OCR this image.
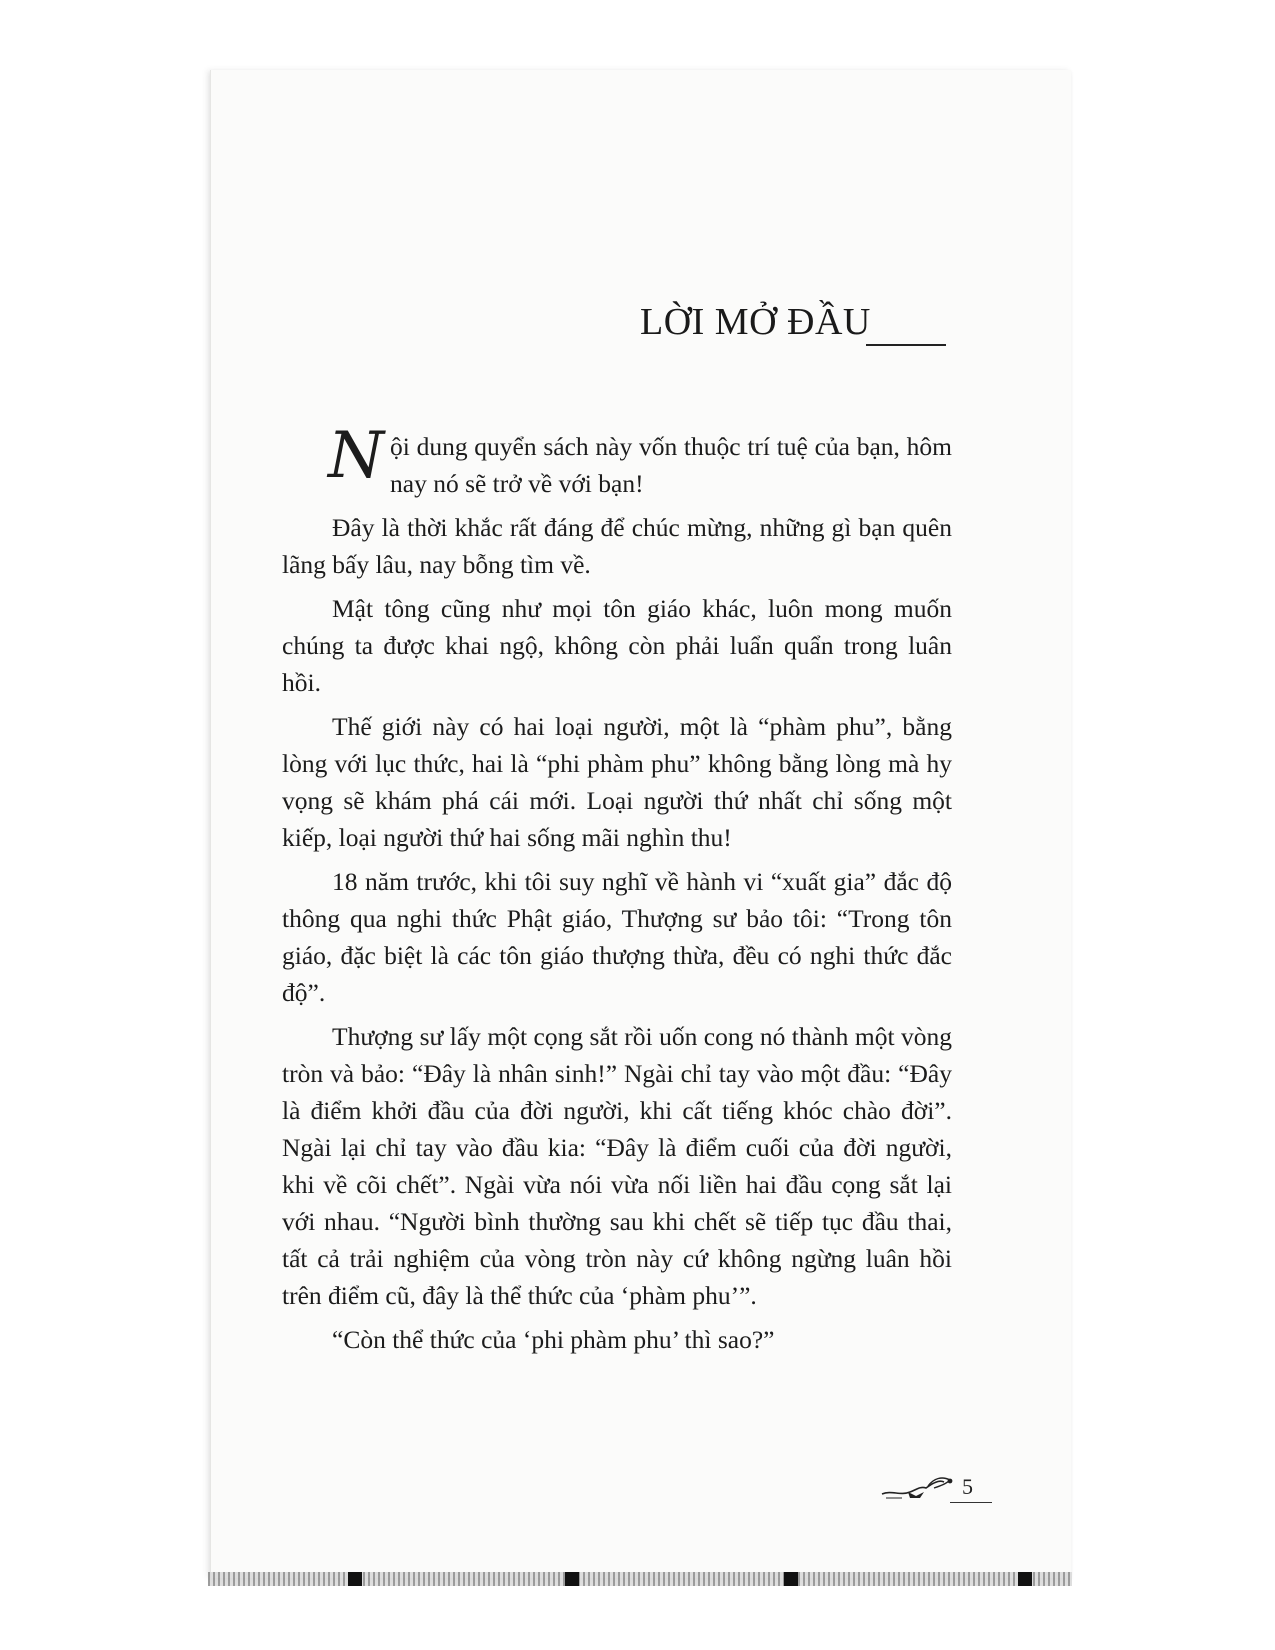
LỜI MỞ ĐẦU

Nội dung quyển sách này vốn thuộc trí tuệ của bạn, hôm nay nó sẽ trở về với bạn!

Đây là thời khắc rất đáng để chúc mừng, những gì bạn quên lãng bấy lâu, nay bỗng tìm về.

Mật tông cũng như mọi tôn giáo khác, luôn mong muốn chúng ta được khai ngộ, không còn phải luẩn quẩn trong luân hồi.

Thế giới này có hai loại người, một là “phàm phu”, bằng lòng với lục thức, hai là “phi phàm phu” không bằng lòng mà hy vọng sẽ khám phá cái mới. Loại người thứ nhất chỉ sống một kiếp, loại người thứ hai sống mãi nghìn thu!

18 năm trước, khi tôi suy nghĩ về hành vi “xuất gia” đắc độ thông qua nghi thức Phật giáo, Thượng sư bảo tôi: “Trong tôn giáo, đặc biệt là các tôn giáo thượng thừa, đều có nghi thức đắc độ”.

Thượng sư lấy một cọng sắt rồi uốn cong nó thành một vòng tròn và bảo: “Đây là nhân sinh!” Ngài chỉ tay vào một đầu: “Đây là điểm khởi đầu của đời người, khi cất tiếng khóc chào đời”. Ngài lại chỉ tay vào đầu kia: “Đây là điểm cuối của đời người, khi về cõi chết”. Ngài vừa nói vừa nối liền hai đầu cọng sắt lại với nhau. “Người bình thường sau khi chết sẽ tiếp tục đầu thai, tất cả trải nghiệm của vòng tròn này cứ không ngừng luân hồi trên điểm cũ, đây là thể thức của ‘phàm phu’”.

“Còn thể thức của ‘phi phàm phu’ thì sao?”

5
